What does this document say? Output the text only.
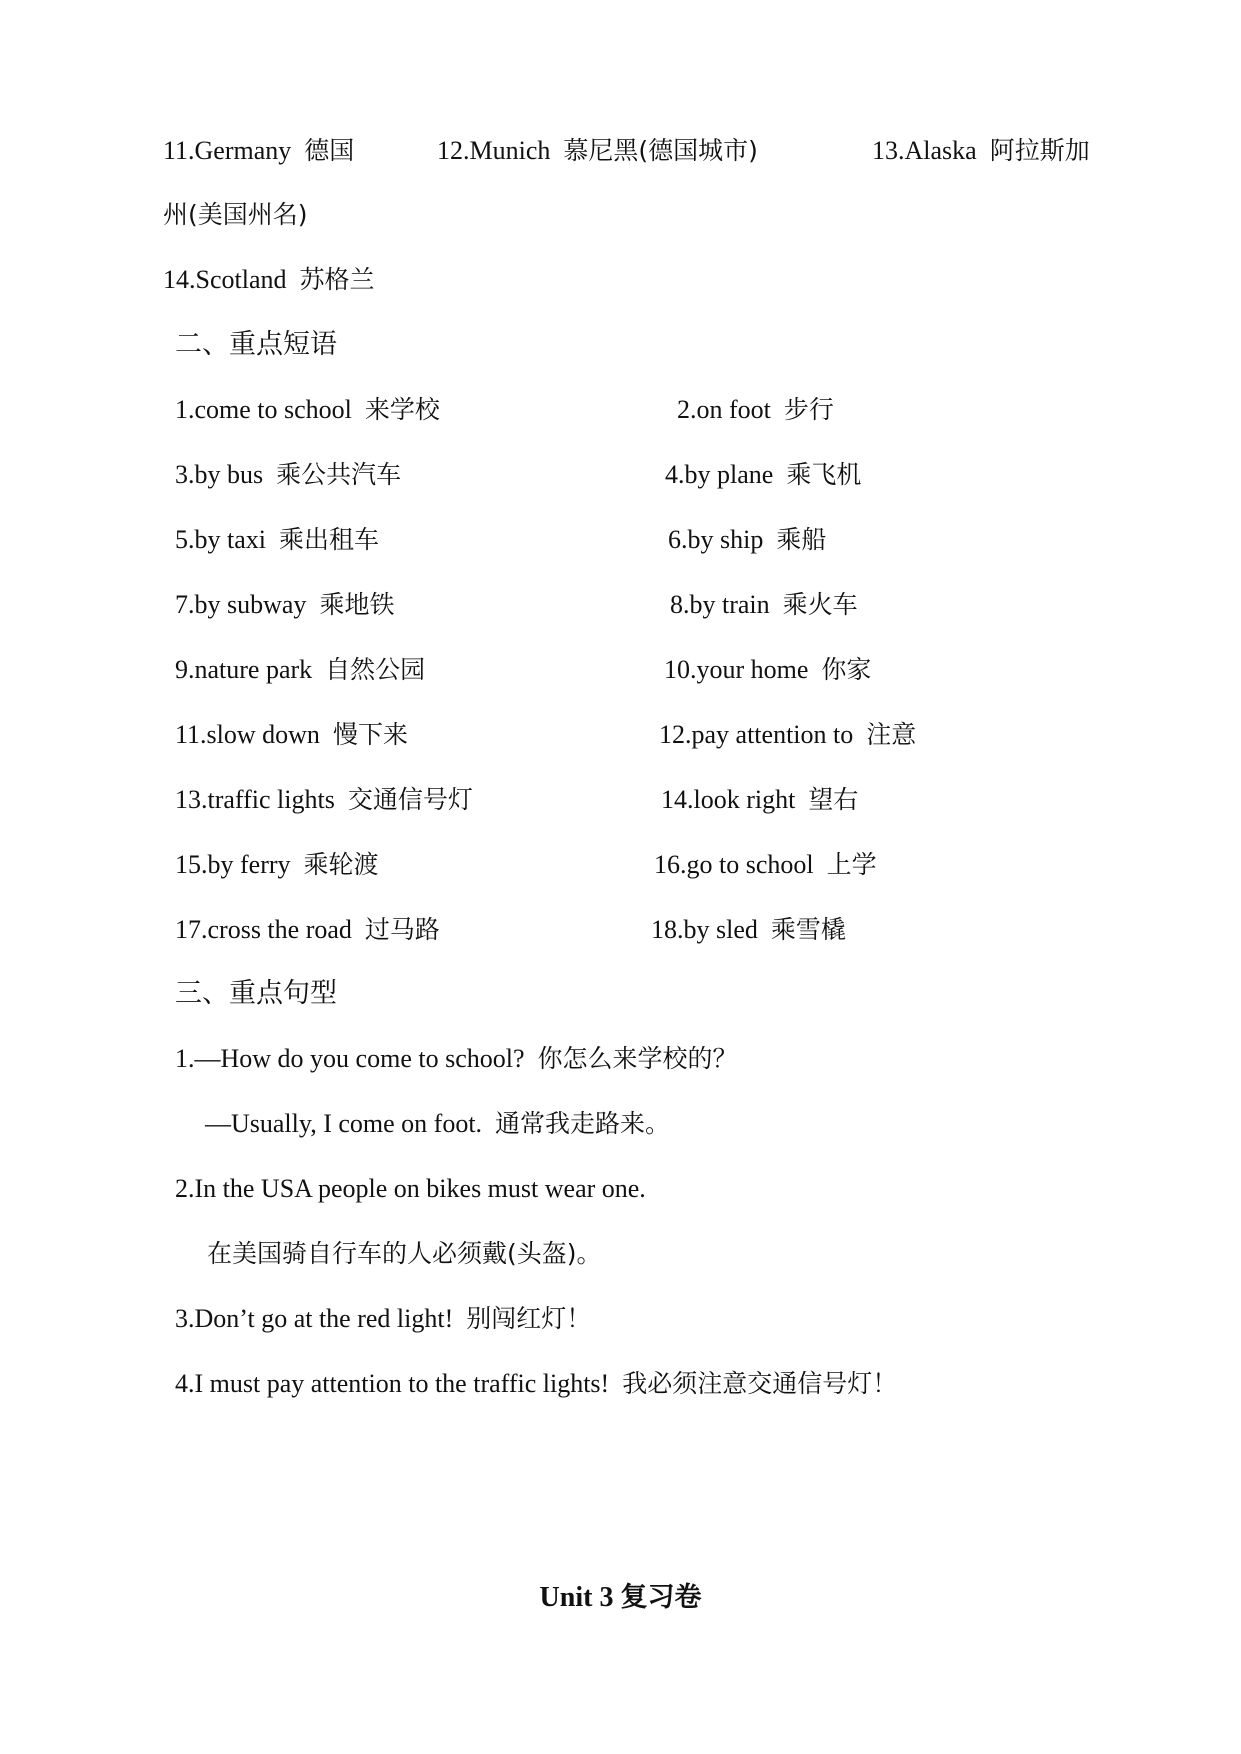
11.Germany 德国	12.Munich 慕尼黑(德国城市)	13.Alaska 阿拉斯加
州(美国州名)
14.Scotland 苏格兰
二、重点短语
1.come to school 来学校	2.on foot 步行
3.by bus 乘公共汽车	4.by plane 乘飞机
5.by taxi 乘出租车	6.by ship 乘船
7.by subway 乘地铁	8.by train 乘火车
9.nature park 自然公园	10.your home 你家
11.slow down 慢下来	12.pay attention to 注意
13.traffic lights 交通信号灯	14.look right 望右
15.by ferry 乘轮渡	16.go to school 上学
17.cross the road 过马路	18.by sled 乘雪橇
三、重点句型
1.—How do you come to school? 你怎么来学校的？
—Usually, I come on foot. 通常我走路来。
2.In the USA people on bikes must wear one.
在美国骑自行车的人必须戴(头盔)。
3.Don’t go at the red light! 别闯红灯！
4.I must pay attention to the traffic lights! 我必须注意交通信号灯！
Unit 3 复习卷
